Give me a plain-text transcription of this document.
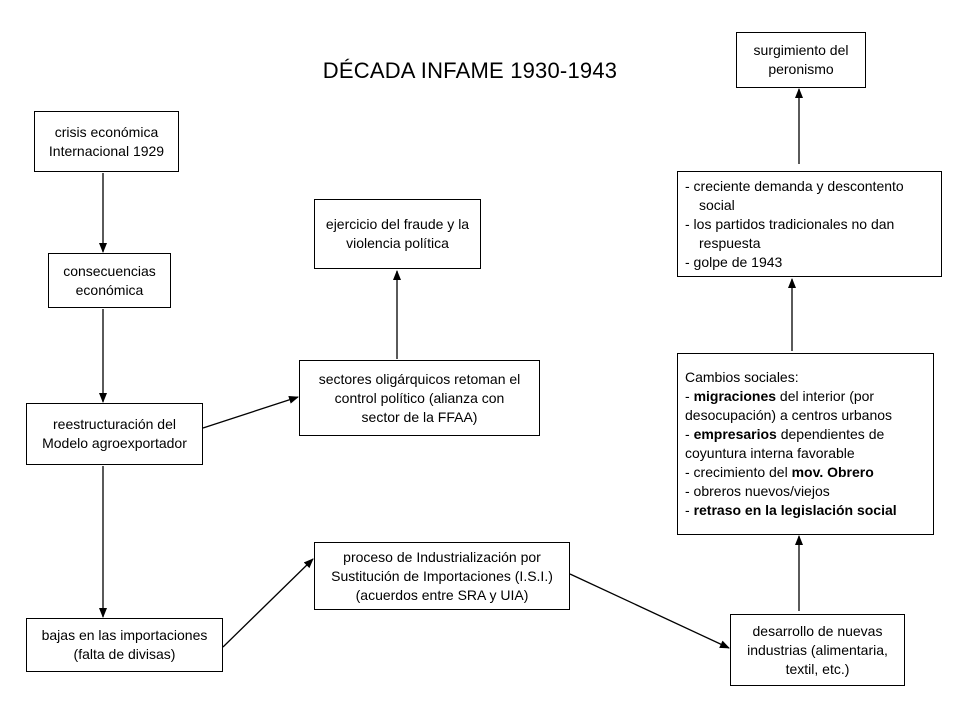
DÉCADA INFAME 1930-1943
crisis económica
Internacional 1929
consecuencias
económica
reestructuración del
Modelo agroexportador
bajas en las importaciones
(falta de divisas)
ejercicio del fraude y la
violencia política
sectores oligárquicos retoman el
control político (alianza con
sector de la FFAA)
proceso de Industrialización por
Sustitución de Importaciones (I.S.I.)
(acuerdos entre SRA y UIA)
surgimiento del
peronismo
- creciente demanda y descontento
social
- los partidos tradicionales no dan
respuesta
- golpe de 1943
Cambios sociales:
- migraciones del interior (por
desocupación) a centros urbanos
- empresarios dependientes de
coyuntura interna favorable
- crecimiento del mov. Obrero
- obreros nuevos/viejos
- retraso en la legislación social
desarrollo de nuevas
industrias (alimentaria,
textil, etc.)
